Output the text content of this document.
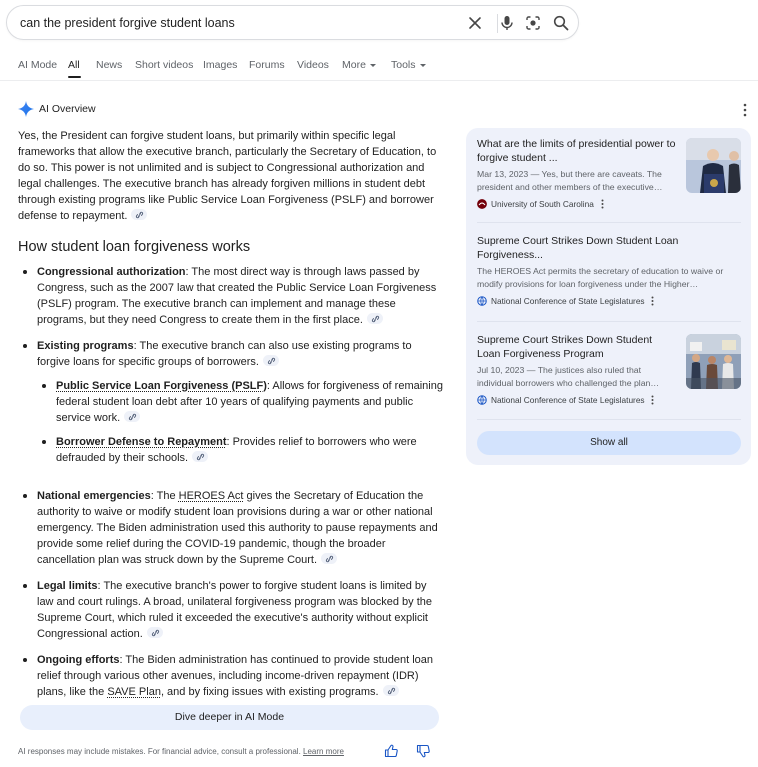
can the president forgive student loans
AI Mode All News Short videos Images Forums Videos More	Tools
AI Overview

Yes, the President can forgive student loans, but primarily within specific legal frameworks that allow the executive branch, particularly the Secretary of Education, to do so. This power is not unlimited and is subject to Congressional authorization and legal challenges. The executive branch has already forgiven millions in student debt through existing programs like Public Service Loan Forgiveness (PSLF) and borrower defense to repayment.

How student loan forgiveness works
Congressional authorization: The most direct way is through laws passed by Congress, such as the 2007 law that created the Public Service Loan Forgiveness (PSLF) program. The executive branch can implement and manage these programs, but they need Congress to create them in the first place.
Existing programs: The executive branch can also use existing programs to forgive loans for specific groups of borrowers.
Public Service Loan Forgiveness (PSLF): Allows for forgiveness of remaining federal student loan debt after 10 years of qualifying payments and public service work.
Borrower Defense to Repayment: Provides relief to borrowers who were defrauded by their schools.
National emergencies: The HEROES Act gives the Secretary of Education the authority to waive or modify student loan provisions during a war or other national emergency. The Biden administration used this authority to pause repayments and provide some relief during the COVID-19 pandemic, though the broader cancellation plan was struck down by the Supreme Court.
Legal limits: The executive branch's power to forgive student loans is limited by law and court rulings. A broad, unilateral forgiveness program was blocked by the Supreme Court, which ruled it exceeded the executive's authority without explicit Congressional action.
Ongoing efforts: The Biden administration has continued to provide student loan relief through various other avenues, including income-driven repayment (IDR) plans, like the SAVE Plan, and by fixing issues with existing programs.
Dive deeper in AI Mode
AI responses may include mistakes. For financial advice, consult a professional. Learn more
What are the limits of presidential power to forgive student ...
Mar 13, 2023 — Yes, but there are caveats. The president and other members of the executive…
University of South Carolina
Supreme Court Strikes Down Student Loan Forgiveness...
The HEROES Act permits the secretary of education to waive or modify provisions for loan forgiveness under the Higher…
National Conference of State Legislatures
Supreme Court Strikes Down Student Loan Forgiveness Program
Jul 10, 2023 — The justices also ruled that individual borrowers who challenged the plan…
National Conference of State Legislatures
Show all
